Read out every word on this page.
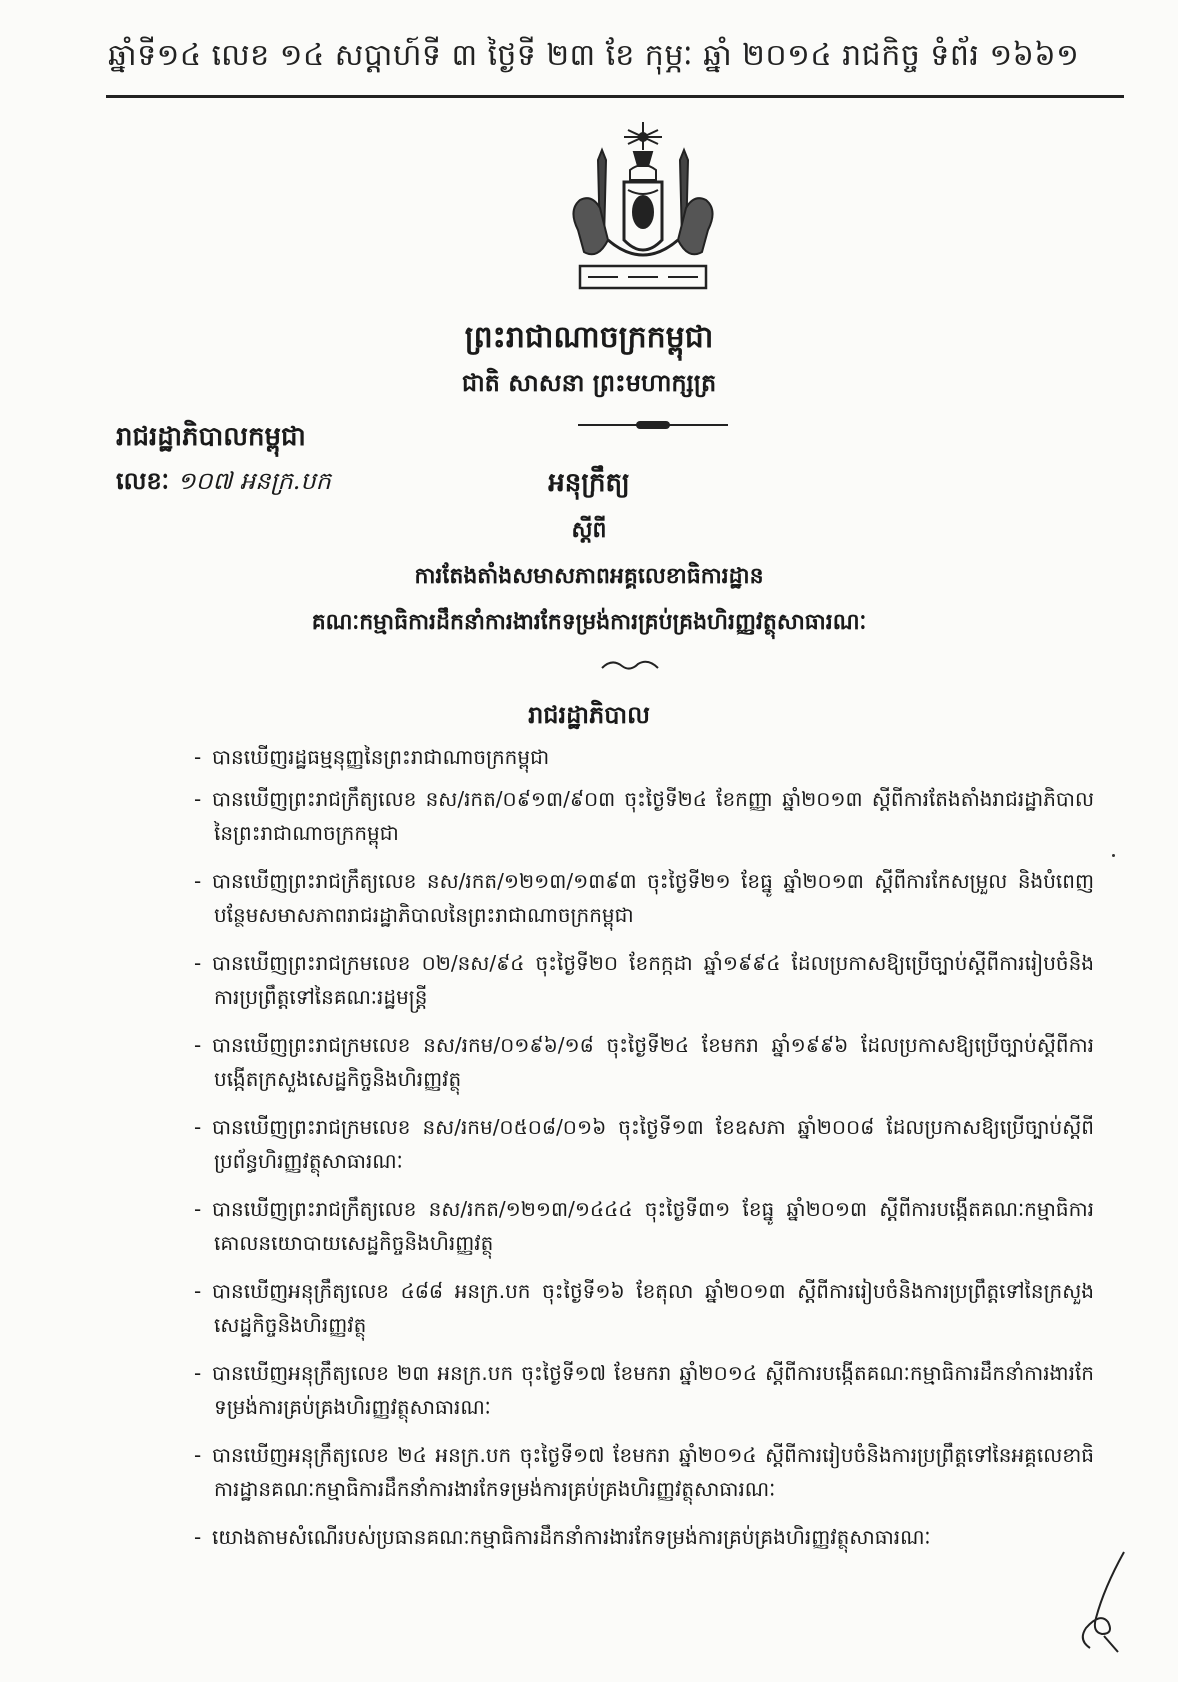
ឆ្នាំទី១៤ លេខ ១៤ សប្តាហ៍ទី ៣ ថ្ងៃទី ២៣ ខែ កុម្ភៈ ឆ្នាំ ២០១៤ រាជកិច្ច ទំព័រ ១៦៦១
ព្រះរាជាណាចក្រកម្ពុជា
ជាតិ សាសនា ព្រះមហាក្សត្រ
រាជរដ្ឋាភិបាលកម្ពុជា
លេខៈ ១០៧ អនក្រ.បក	អនុក្រឹត្យ
ស្តីពី
ការតែងតាំងសមាសភាពអគ្គលេខាធិការដ្ឋាន
គណៈកម្មាធិការដឹកនាំការងារកែទម្រង់ការគ្រប់គ្រងហិរញ្ញវត្ថុសាធារណៈ
រាជរដ្ឋាភិបាល
- បានឃើញរដ្ឋធម្មនុញ្ញនៃព្រះរាជាណាចក្រកម្ពុជា
- បានឃើញព្រះរាជក្រឹត្យលេខ នស/រកត/០៩១៣/៩០៣ ចុះថ្ងៃទី២៤ ខែកញ្ញា ឆ្នាំ២០១៣ ស្តីពីការតែងតាំងរាជរដ្ឋាភិបាលនៃព្រះរាជាណាចក្រកម្ពុជា
- បានឃើញព្រះរាជក្រឹត្យលេខ នស/រកត/១២១៣/១៣៩៣ ចុះថ្ងៃទី២១ ខែធ្នូ ឆ្នាំ២០១៣ ស្តីពីការកែសម្រួល និងបំពេញបន្ថែមសមាសភាពរាជរដ្ឋាភិបាលនៃព្រះរាជាណាចក្រកម្ពុជា
- បានឃើញព្រះរាជក្រមលេខ ០២/នស/៩៤ ចុះថ្ងៃទី២០ ខែកក្កដា ឆ្នាំ១៩៩៤ ដែលប្រកាសឱ្យប្រើច្បាប់ស្តីពីការរៀបចំនិងការប្រព្រឹត្តទៅនៃគណៈរដ្ឋមន្ត្រី
- បានឃើញព្រះរាជក្រមលេខ នស/រកម/០១៩៦/១៨ ចុះថ្ងៃទី២៤ ខែមករា ឆ្នាំ១៩៩៦ ដែលប្រកាសឱ្យប្រើច្បាប់ស្តីពីការបង្កើតក្រសួងសេដ្ឋកិច្ចនិងហិរញ្ញវត្ថុ
- បានឃើញព្រះរាជក្រមលេខ នស/រកម/០៥០៨/០១៦ ចុះថ្ងៃទី១៣ ខែឧសភា ឆ្នាំ២០០៨ ដែលប្រកាសឱ្យប្រើច្បាប់ស្តីពីប្រព័ន្ធហិរញ្ញវត្ថុសាធារណៈ
- បានឃើញព្រះរាជក្រឹត្យលេខ នស/រកត/១២១៣/១៤៤៤ ចុះថ្ងៃទី៣១ ខែធ្នូ ឆ្នាំ២០១៣ ស្តីពីការបង្កើតគណៈកម្មាធិការគោលនយោបាយសេដ្ឋកិច្ចនិងហិរញ្ញវត្ថុ
- បានឃើញអនុក្រឹត្យលេខ ៤៨៨ អនក្រ.បក ចុះថ្ងៃទី១៦ ខែតុលា ឆ្នាំ២០១៣ ស្តីពីការរៀបចំនិងការប្រព្រឹត្តទៅនៃក្រសួងសេដ្ឋកិច្ចនិងហិរញ្ញវត្ថុ
- បានឃើញអនុក្រឹត្យលេខ ២៣ អនក្រ.បក ចុះថ្ងៃទី១៧ ខែមករា ឆ្នាំ២០១៤ ស្តីពីការបង្កើតគណៈកម្មាធិការដឹកនាំការងារកែទម្រង់ការគ្រប់គ្រងហិរញ្ញវត្ថុសាធារណៈ
- បានឃើញអនុក្រឹត្យលេខ ២៤ អនក្រ.បក ចុះថ្ងៃទី១៧ ខែមករា ឆ្នាំ២០១៤ ស្តីពីការរៀបចំនិងការប្រព្រឹត្តទៅនៃអគ្គលេខាធិការដ្ឋានគណៈកម្មាធិការដឹកនាំការងារកែទម្រង់ការគ្រប់គ្រងហិរញ្ញវត្ថុសាធារណៈ
- យោងតាមសំណើរបស់ប្រធានគណៈកម្មាធិការដឹកនាំការងារកែទម្រង់ការគ្រប់គ្រងហិរញ្ញវត្ថុសាធារណៈ
